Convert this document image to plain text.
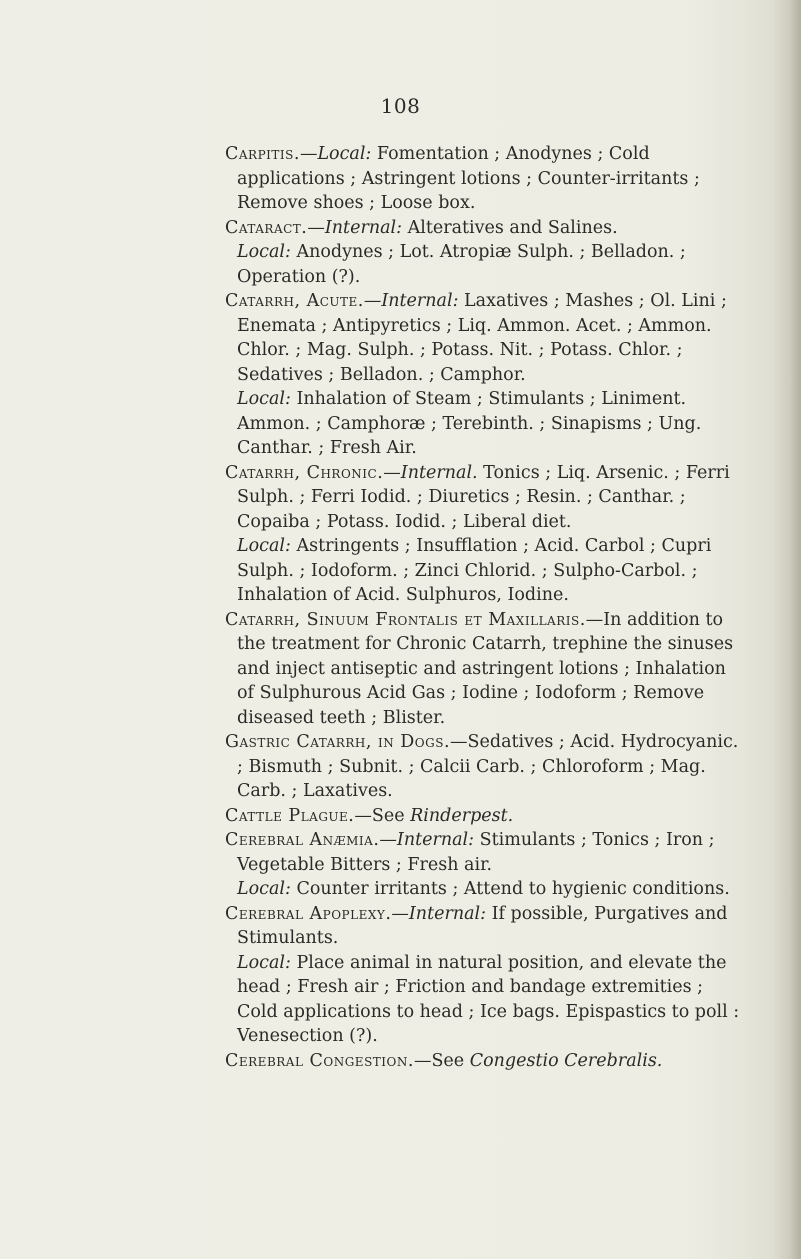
108

Carpitis.—Local: Fomentation ; Anodynes ; Cold applications ; Astringent lotions ; Counter-irritants ; Remove shoes ; Loose box.

Cataract.—Internal: Alteratives and Salines.

Local: Anodynes ; Lot. Atropiæ Sulph. ; Belladon. ; Operation (?).

Catarrh, Acute.—Internal: Laxatives ; Mashes ; Ol. Lini ; Enemata ; Antipyretics ; Liq. Ammon. Acet. ; Ammon. Chlor. ; Mag. Sulph. ; Potass. Nit. ; Potass. Chlor. ; Sedatives ; Belladon. ; Camphor.

Local: Inhalation of Steam ; Stimulants ; Liniment. Ammon. ; Camphoræ ; Terebinth. ; Sinapisms ; Ung. Canthar. ; Fresh Air.

Catarrh, Chronic.—Internal. Tonics ; Liq. Arsenic. ; Ferri Sulph. ; Ferri Iodid. ; Diuretics ; Resin. ; Canthar. ; Copaiba ; Potass. Iodid. ; Liberal diet.

Local: Astringents ; Insufflation ; Acid. Carbol ; Cupri Sulph. ; Iodoform. ; Zinci Chlorid. ; Sulpho-Carbol. ; Inhalation of Acid. Sulphuros, Iodine.

Catarrh, Sinuum Frontalis et Maxillaris.—In addition to the treatment for Chronic Catarrh, trephine the sinuses and inject antiseptic and astringent lotions ; Inhalation of Sulphurous Acid Gas ; Iodine ; Iodoform ; Remove diseased teeth ; Blister.

Gastric Catarrh, in Dogs.—Sedatives ; Acid. Hydrocyanic. ; Bismuth ; Subnit. ; Calcii Carb. ; Chloroform ; Mag. Carb. ; Laxatives.

Cattle Plague.—See Rinderpest.

Cerebral Anæmia.—Internal: Stimulants ; Tonics ; Iron ; Vegetable Bitters ; Fresh air.

Local: Counter irritants ; Attend to hygienic conditions.

Cerebral Apoplexy.—Internal: If possible, Purgatives and Stimulants.

Local: Place animal in natural position, and elevate the head ; Fresh air ; Friction and bandage extremities ; Cold applications to head ; Ice bags. Epispastics to poll : Venesection (?).

Cerebral Congestion.—See Congestio Cerebralis.
